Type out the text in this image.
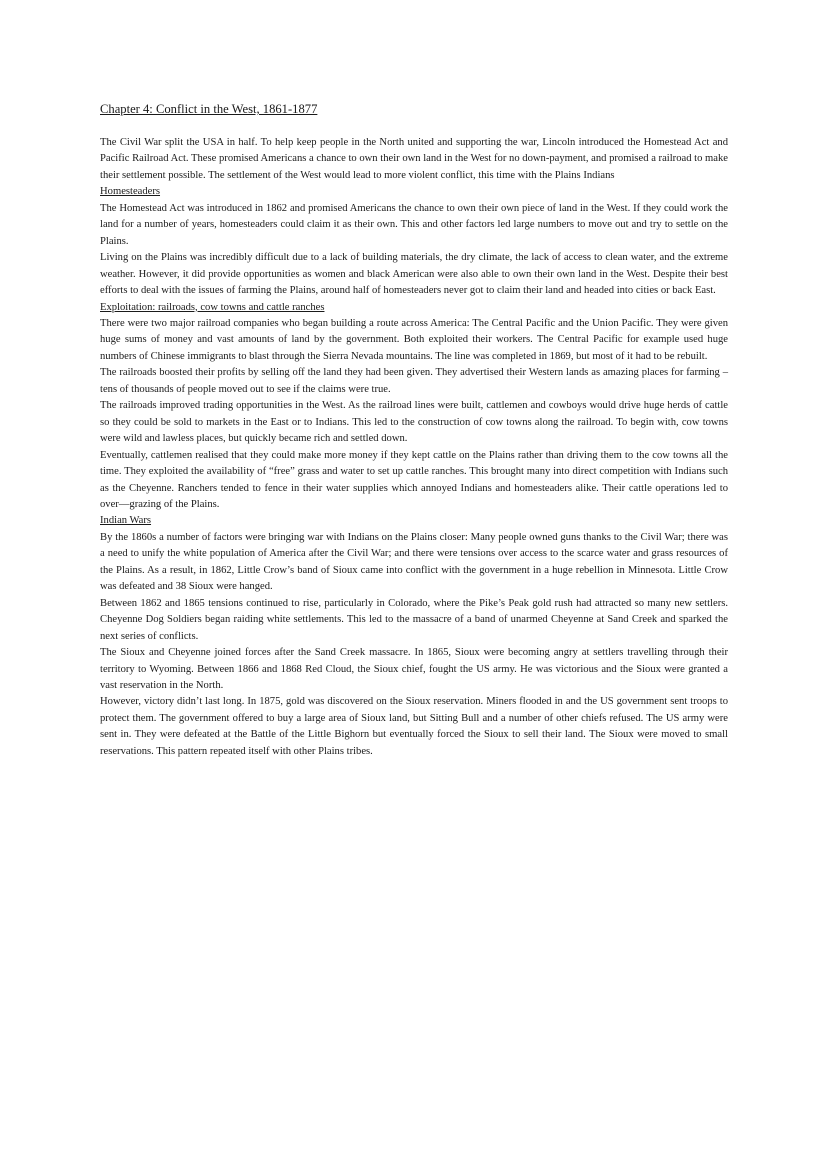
Chapter 4: Conflict in the West, 1861-1877

The Civil War split the USA in half. To help keep people in the North united and supporting the war, Lincoln introduced the Homestead Act and Pacific Railroad Act. These promised Americans a chance to own their own land in the West for no down-payment, and promised a railroad to make their settlement possible. The settlement of the West would lead to more violent conflict, this time with the Plains Indians

Homesteaders

The Homestead Act was introduced in 1862 and promised Americans the chance to own their own piece of land in the West. If they could work the land for a number of years, homesteaders could claim it as their own. This and other factors led large numbers to move out and try to settle on the Plains.

Living on the Plains was incredibly difficult due to a lack of building materials, the dry climate, the lack of access to clean water, and the extreme weather. However, it did provide opportunities as women and black American were also able to own their own land in the West. Despite their best efforts to deal with the issues of farming the Plains, around half of homesteaders never got to claim their land and headed into cities or back East.

Exploitation: railroads, cow towns and cattle ranches

There were two major railroad companies who began building a route across America: The Central Pacific and the Union Pacific. They were given huge sums of money and vast amounts of land by the government. Both exploited their workers. The Central Pacific for example used huge numbers of Chinese immigrants to blast through the Sierra Nevada mountains. The line was completed in 1869, but most of it had to be rebuilt.

The railroads boosted their profits by selling off the land they had been given. They advertised their Western lands as amazing places for farming – tens of thousands of people moved out to see if the claims were true.

The railroads improved trading opportunities in the West. As the railroad lines were built, cattlemen and cowboys would drive huge herds of cattle so they could be sold to markets in the East or to Indians. This led to the construction of cow towns along the railroad. To begin with, cow towns were wild and lawless places, but quickly became rich and settled down.

Eventually, cattlemen realised that they could make more money if they kept cattle on the Plains rather than driving them to the cow towns all the time. They exploited the availability of “free” grass and water to set up cattle ranches. This brought many into direct competition with Indians such as the Cheyenne. Ranchers tended to fence in their water supplies which annoyed Indians and homesteaders alike. Their cattle operations led to over—grazing of the Plains.

Indian Wars

By the 1860s a number of factors were bringing war with Indians on the Plains closer: Many people owned guns thanks to the Civil War; there was a need to unify the white population of America after the Civil War; and there were tensions over access to the scarce water and grass resources of the Plains. As a result, in 1862, Little Crow’s band of Sioux came into conflict with the government in a huge rebellion in Minnesota. Little Crow was defeated and 38 Sioux were hanged.

Between 1862 and 1865 tensions continued to rise, particularly in Colorado, where the Pike’s Peak gold rush had attracted so many new settlers. Cheyenne Dog Soldiers began raiding white settlements. This led to the massacre of a band of unarmed Cheyenne at Sand Creek and sparked the next series of conflicts.

The Sioux and Cheyenne joined forces after the Sand Creek massacre. In 1865, Sioux were becoming angry at settlers travelling through their territory to Wyoming. Between 1866 and 1868 Red Cloud, the Sioux chief, fought the US army. He was victorious and the Sioux were granted a vast reservation in the North.

However, victory didn’t last long. In 1875, gold was discovered on the Sioux reservation. Miners flooded in and the US government sent troops to protect them. The government offered to buy a large area of Sioux land, but Sitting Bull and a number of other chiefs refused. The US army were sent in. They were defeated at the Battle of the Little Bighorn but eventually forced the Sioux to sell their land. The Sioux were moved to small reservations. This pattern repeated itself with other Plains tribes.
